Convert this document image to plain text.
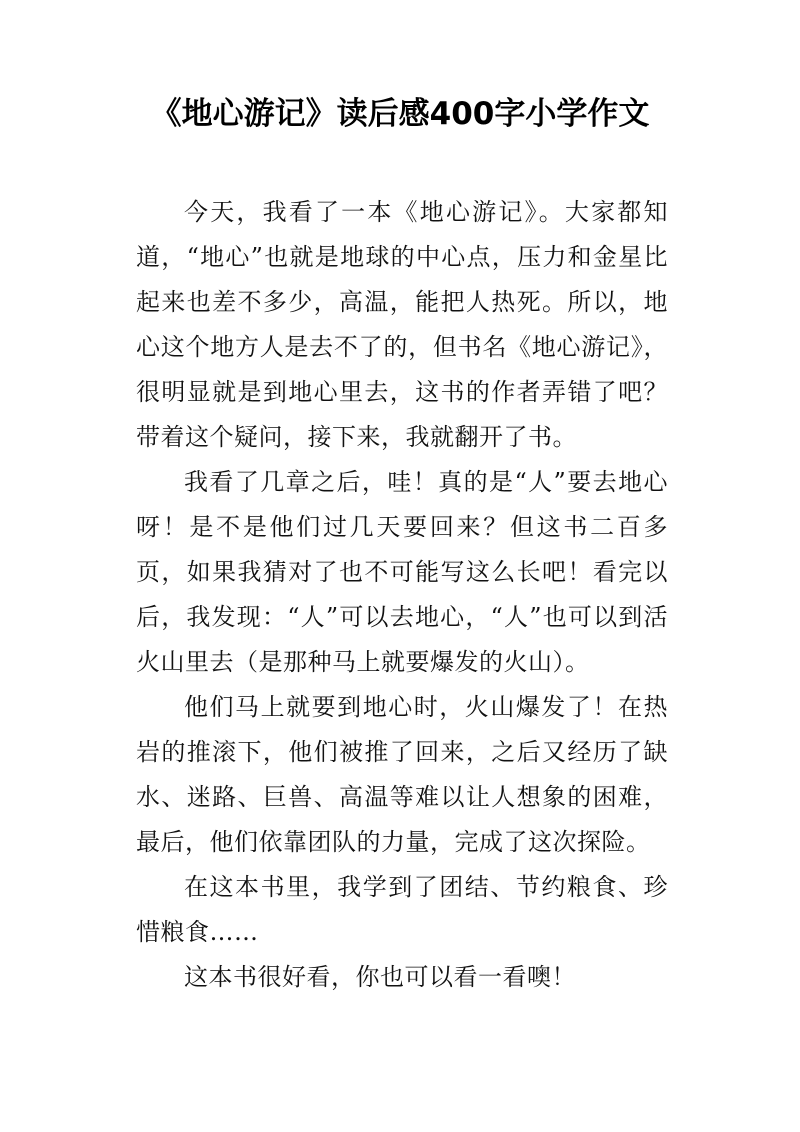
《地心游记》读后感400字小学作文

今天，我看了一本《地心游记》。大家都知道，“地心”也就是地球的中心点，压力和金星比起来也差不多少，高温，能把人热死。所以，地心这个地方人是去不了的，但书名《地心游记》，很明显就是到地心里去，这书的作者弄错了吧？带着这个疑问，接下来，我就翻开了书。

我看了几章之后，哇！真的是“人”要去地心呀！是不是他们过几天要回来？但这书二百多页，如果我猜对了也不可能写这么长吧！看完以后，我发现：“人”可以去地心，“人”也可以到活火山里去（是那种马上就要爆发的火山）。

他们马上就要到地心时，火山爆发了！在热岩的推滚下，他们被推了回来，之后又经历了缺水、迷路、巨兽、高温等难以让人想象的困难，最后，他们依靠团队的力量，完成了这次探险。

在这本书里，我学到了团结、节约粮食、珍惜粮食……

这本书很好看，你也可以看一看噢！
